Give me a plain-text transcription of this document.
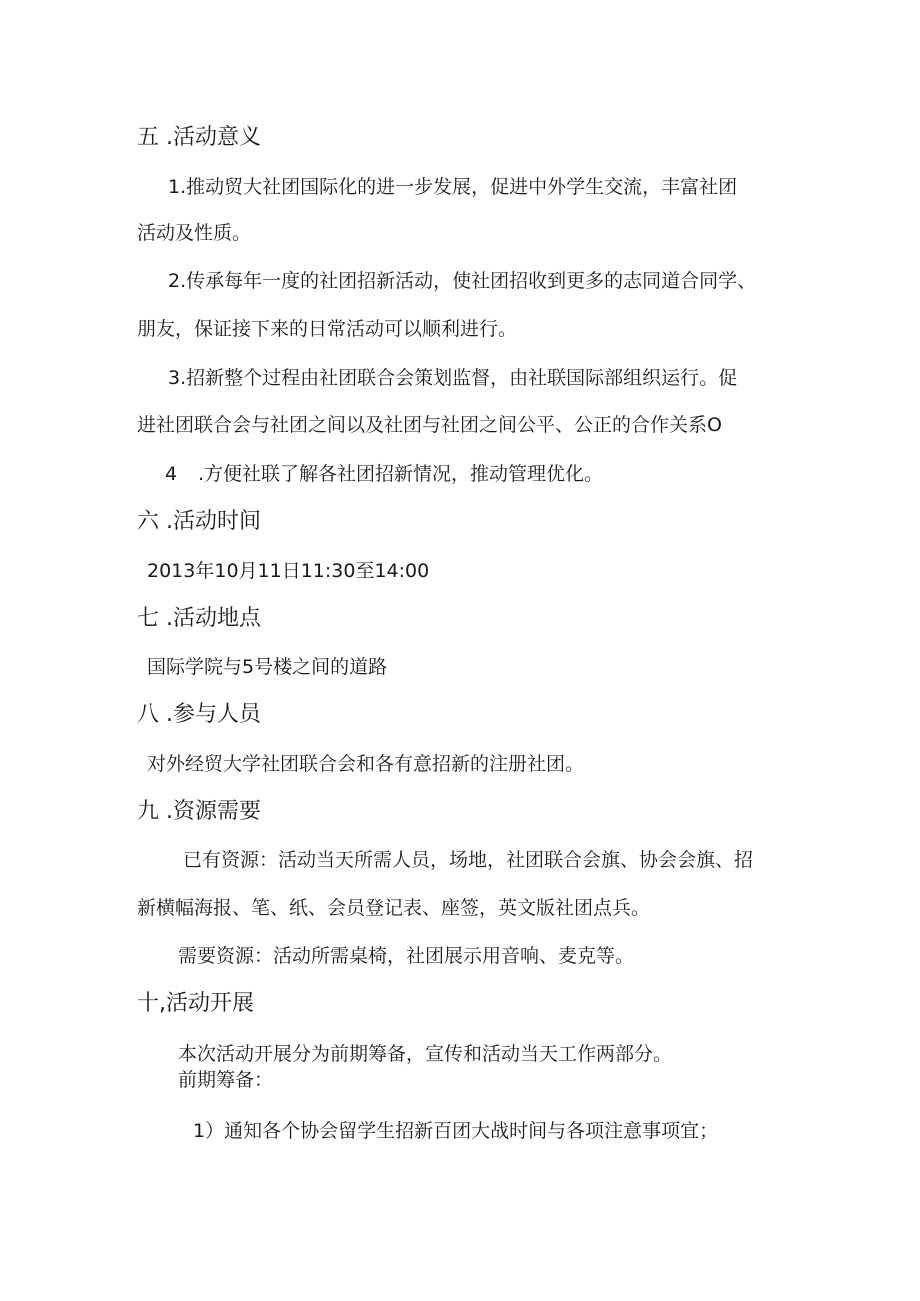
五 .活动意义
1.推动贸大社团国际化的进一步发展，促进中外学生交流，丰富社团
活动及性质。
2.传承每年一度的社团招新活动，使社团招收到更多的志同道合同学、
朋友，保证接下来的日常活动可以顺利进行。
3.招新整个过程由社团联合会策划监督，由社联国际部组织运行。促
进社团联合会与社团之间以及社团与社团之间公平、公正的合作关系O
4 .方便社联了解各社团招新情况，推动管理优化。
六 .活动时间
2013年10月11日11:30至14:00
七 .活动地点
国际学院与5号楼之间的道路
八 .参与人员
对外经贸大学社团联合会和各有意招新的注册社团。
九 .资源需要
已有资源：活动当天所需人员，场地，社团联合会旗、协会会旗、招
新横幅海报、笔、纸、会员登记表、座签，英文版社团点兵。
需要资源：活动所需桌椅，社团展示用音响、麦克等。
十,活动开展
本次活动开展分为前期筹备，宣传和活动当天工作两部分。
前期筹备：
1）通知各个协会留学生招新百团大战时间与各项注意事项宜；
